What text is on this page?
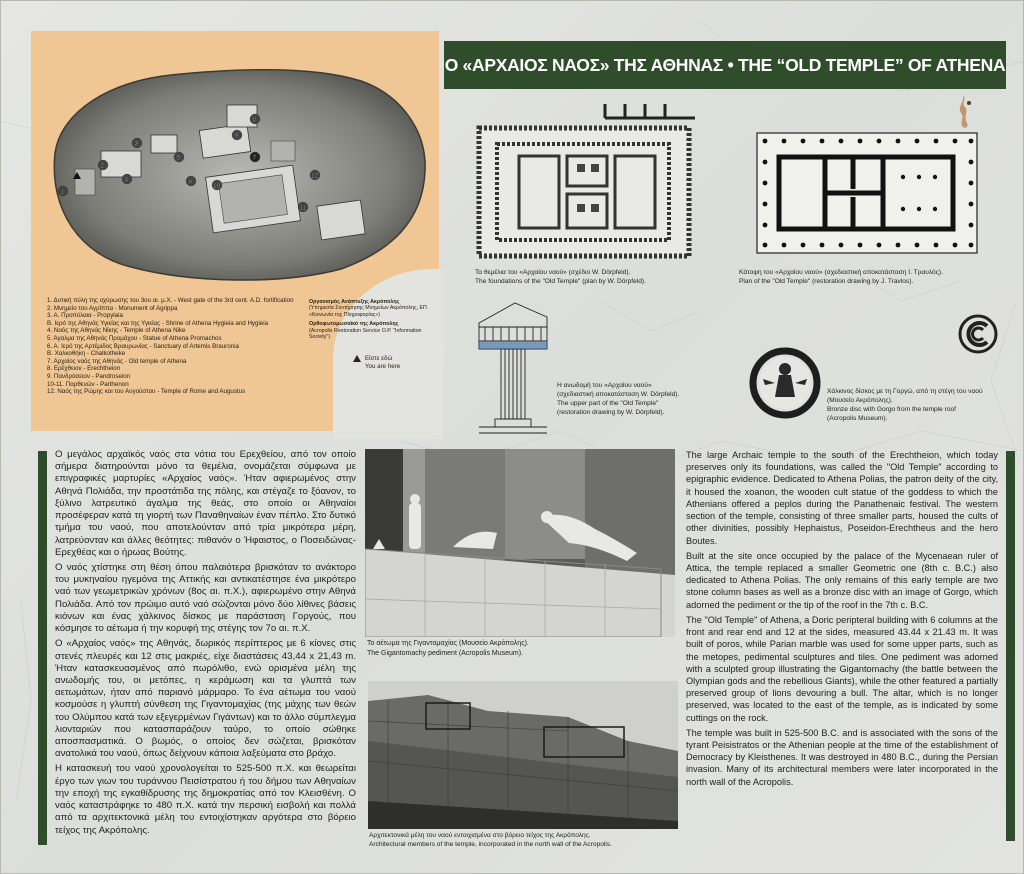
1
2
3
4
5
6
7
8
9
10
11
12
1. Δυτική πύλη της οχύρωσης του 3ου αι. μ.Χ. - West gate of the 3rd cent. A.D. fortification
2. Μνημείο του Αγρίππα - Monument of Agrippa
3. Α. Προπύλαια - Propylaia
Β. Ιερό της Αθηνάς Υγιείας και της Υγιείας - Shrine of Athena Hygieia and Hygieia
4. Ναός της Αθηνάς Νίκης - Temple of Athena Nike
5. Άγαλμα της Αθηνάς Προμάχου - Statue of Athena Promachos
6. Α. Ιερό της Αρτέμιδος Βραυρωνίας - Sanctuary of Artemis Brauronia
Β. Χαλκοθήκη - Chalkotheke
7. Αρχαίος ναός της Αθηνάς - Old temple of Athena
8. Ερέχθειον - Erechtheion
9. Πανδρόσειον - Pandroseion
10-11. Παρθενών - Parthenon
12. Ναός της Ρώμης και του Αυγούστου - Temple of Rome and Augustus
Οργανισμός Ανάπτυξης Ακρόπολης
(Υπηρεσία Συντήρησης Μνημείων Ακρόπολης, ΕΠ «Κοινωνία της Πληροφορίας»)
Ορθοφωτομωσαϊκό της Ακρόπολης
(Acropolis Restoration Service O.P. "Information Society")
Είστε εδώ
You are here
Ο «ΑΡΧΑΙΟΣ ΝΑΟΣ» ΤΗΣ ΑΘΗΝΑΣ • THE “OLD TEMPLE” OF ATHENA
Τα θεμέλια του «Αρχαίου ναού» (σχέδιο W. Dörpfeld).
The foundations of the "Old Temple" (plan by W. Dörpfeld).
Κάτοψη του «Αρχαίου ναού» (σχεδιαστική αποκατάσταση Ι. Τραυλός).
Plan of the "Old Temple" (restoration drawing by J. Travlos).
Η ανωδομή του «Αρχαίου ναού»
(σχεδιαστική αποκατάσταση W. Dörpfeld).
The upper part of the "Old Temple"
(restoration drawing by W. Dörpfeld).
Χάλκινος δίσκος με τη Γοργώ, από τη στέγη του ναού
(Μουσείο Ακρόπολης).
Bronze disc with Gorgo from the temple roof
(Acropolis Museum).

Ο μεγάλος αρχαϊκός ναός στα νότια του Ερεχθείου, από τον οποίο σήμερα διατηρούνται μόνο τα θεμέλια, ονομάζεται σύμφωνα με επιγραφικές μαρτυρίες «Αρχαίος ναός». Ήταν αφιερωμένος στην Αθηνά Πολιάδα, την προστάτιδα της πόλης, και στέγαζε το ξόανον, το ξύλινο λατρευτικό άγαλμα της θεάς, στο οποίο οι Αθηναίοι προσέφεραν κατά τη γιορτή των Παναθηναίων έναν πέπλο. Στο δυτικό τμήμα του ναού, που αποτελούνταν από τρία μικρότερα μέρη, λατρεύονταν και άλλες θεότητες: πιθανόν ο Ήφαιστος, ο Ποσειδώνας-Ερεχθέας και ο ήρωας Βούτης.

Ο ναός χτίστηκε στη θέση όπου παλαιότερα βρισκόταν το ανάκτορο του μυκηναίου ηγεμόνα της Αττικής και αντικατέστησε ένα μικρότερο ναό των γεωμετρικών χρόνων (8ος αι. π.Χ.), αφιερωμένο στην Αθηνά Πολιάδα. Από τον πρώιμο αυτό ναό σώζονται μόνο δύο λίθινες βάσεις κιόνων και ένας χάλκινος δίσκος με παράσταση Γοργούς, που κόσμησε το αέτωμα ή την κορυφή της στέγης τον 7ο αι. π.Χ.

Ο «Αρχαίος ναός» της Αθηνάς, δωρικός περίπτερος με 6 κίονες στις στενές πλευρές και 12 στις μακριές, είχε διαστάσεις 43,44 x 21,43 m. Ήταν κατασκευασμένος από πωρόλιθο, ενώ ορισμένα μέλη της ανωδομής του, οι μετόπες, η κεράμωση και τα γλυπτά των αετωμάτων, ήταν από παριανό μάρμαρο. Το ένα αέτωμα του ναού κοσμούσε η γλυπτή σύνθεση της Γιγαντομαχίας (της μάχης των θεών του Ολύμπου κατά των εξεγερμένων Γιγάντων) και το άλλο σύμπλεγμα λιονταριών που κατασπαράζουν ταύρο, το οποίο σώθηκε αποσπασματικά. Ο βωμός, ο οποίος δεν σώζεται, βρισκόταν ανατολικά του ναού, όπως δείχνουν κάποια λαξεύματα στο βράχο.

Η κατασκευή του ναού χρονολογείται το 525-500 π.Χ. και θεωρείται έργο των γιων του τυράννου Πεισίστρατου ή του δήμου των Αθηναίων την εποχή της εγκαθίδρυσης της δημοκρατίας από τον Κλεισθένη. Ο ναός καταστράφηκε το 480 π.Χ. κατά την περσική εισβολή και πολλά από τα αρχιτεκτονικά μέλη του εντοιχίστηκαν αργότερα στο βόρειο τείχος της Ακρόπολης.

Το αέτωμα της Γιγαντομαχίας (Μουσείο Ακρόπολης).
The Gigantomachy pediment (Acropolis Museum).
Αρχιτεκτονικά μέλη του ναού εντοιχισμένα στο βόρειο τείχος της Ακρόπολης.
Architectural members of the temple, incorporated in the north wall of the Acropolis.

The large Archaic temple to the south of the Erechtheion, which today preserves only its foundations, was called the "Old Temple" according to epigraphic evidence. Dedicated to Athena Polias, the patron deity of the city, it housed the xoanon, the wooden cult statue of the goddess to which the Athenians offered a peplos during the Panathenaic festival. The western section of the temple, consisting of three smaller parts, housed the cults of other divinities, possibly Hephaistus, Poseidon-Erechtheus and the hero Boutes.

Built at the site once occupied by the palace of the Mycenaean ruler of Attica, the temple replaced a smaller Geometric one (8th c. B.C.) also dedicated to Athena Polias. The only remains of this early temple are two stone column bases as well as a bronze disc with an image of Gorgo, which adorned the pediment or the tip of the roof in the 7th c. B.C.

The "Old Temple" of Athena, a Doric peripteral building with 6 columns at the front and rear end and 12 at the sides, measured 43.44 x 21.43 m. It was built of poros, while Parian marble was used for some upper parts, such as the metopes, pedimental sculptures and tiles. One pediment was adorned with a sculpted group illustrating the Gigantomachy (the battle between the Olympian gods and the rebellious Giants), while the other featured a partially preserved group of lions devouring a bull. The altar, which is no longer preserved, was located to the east of the temple, as is indicated by some cuttings on the rock.

The temple was built in 525-500 B.C. and is associated with the sons of the tyrant Peisistratos or the Athenian people at the time of the establishment of Democracy by Kleisthenes. It was destroyed in 480 B.C., during the Persian invasion. Many of its architectural members were later incorporated in the north wall of the Acropolis.
